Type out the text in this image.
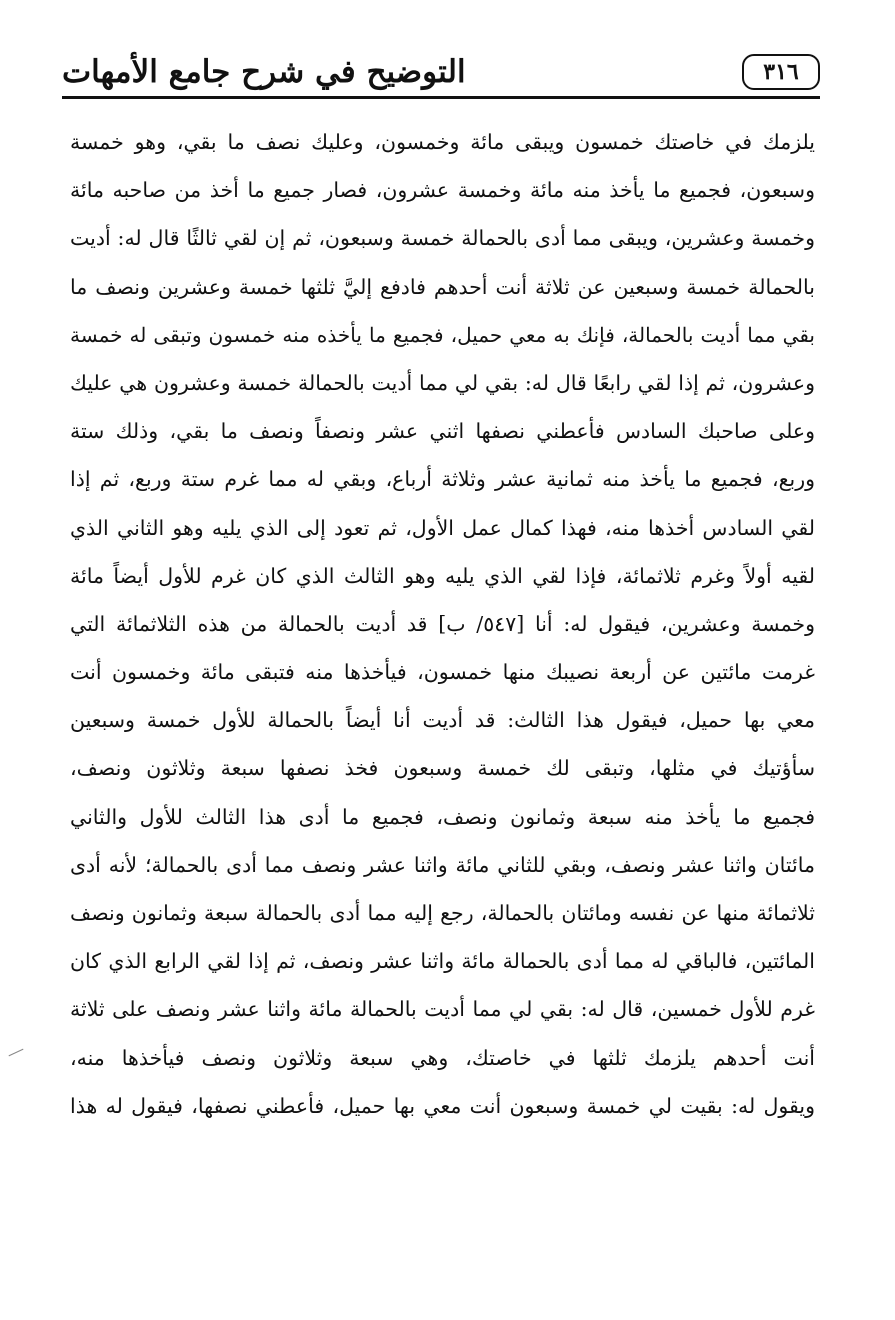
٣١٦
التوضيح في شرح جامع الأمهات
يلزمك في خاصتك خمسون ويبقى مائة وخمسون، وعليك نصف ما بقي، وهو خمسة
وسبعون، فجميع ما يأخذ منه مائة وخمسة عشرون، فصار جميع ما أخذ من صاحبه مائة
وخمسة وعشرين، ويبقى مما أدى بالحمالة خمسة وسبعون، ثم إن لقي ثالثًا قال له: أديت
بالحمالة خمسة وسبعين عن ثلاثة أنت أحدهم فادفع إليَّ ثلثها خمسة وعشرين ونصف ما
بقي مما أديت بالحمالة، فإنك به معي حميل، فجميع ما يأخذه منه خمسون وتبقى له خمسة
وعشرون، ثم إذا لقي رابعًا قال له: بقي لي مما أديت بالحمالة خمسة وعشرون هي عليك
وعلى صاحبك السادس فأعطني نصفها اثني عشر ونصفاً ونصف ما بقي، وذلك ستة
وربع، فجميع ما يأخذ منه ثمانية عشر وثلاثة أرباع، وبقي له مما غرم ستة وربع، ثم إذا
لقي السادس أخذها منه، فهذا كمال عمل الأول، ثم تعود إلى الذي يليه وهو الثاني الذي
لقيه أولاً وغرم ثلاثمائة، فإذا لقي الذي يليه وهو الثالث الذي كان غرم للأول أيضاً مائة
وخمسة وعشرين، فيقول له: أنا [٥٤٧/ ب] قد أديت بالحمالة من هذه الثلاثمائة التي
غرمت مائتين عن أربعة نصيبك منها خمسون، فيأخذها منه فتبقى مائة وخمسون أنت
معي بها حميل، فيقول هذا الثالث: قد أديت أنا أيضاً بالحمالة للأول خمسة وسبعين
سأؤتيك في مثلها، وتبقى لك خمسة وسبعون فخذ نصفها سبعة وثلاثون ونصف،
فجميع ما يأخذ منه سبعة وثمانون ونصف، فجميع ما أدى هذا الثالث للأول والثاني
مائتان واثنا عشر ونصف، وبقي للثاني مائة واثنا عشر ونصف مما أدى بالحمالة؛ لأنه أدى
ثلاثمائة منها عن نفسه ومائتان بالحمالة، رجع إليه مما أدى بالحمالة سبعة وثمانون ونصف
المائتين، فالباقي له مما أدى بالحمالة مائة واثنا عشر ونصف، ثم إذا لقي الرابع الذي كان
غرم للأول خمسين، قال له: بقي لي مما أديت بالحمالة مائة واثنا عشر ونصف على ثلاثة
أنت أحدهم يلزمك ثلثها في خاصتك، وهي سبعة وثلاثون ونصف فيأخذها منه،
ويقول له: بقيت لي خمسة وسبعون أنت معي بها حميل، فأعطني نصفها، فيقول له هذا
